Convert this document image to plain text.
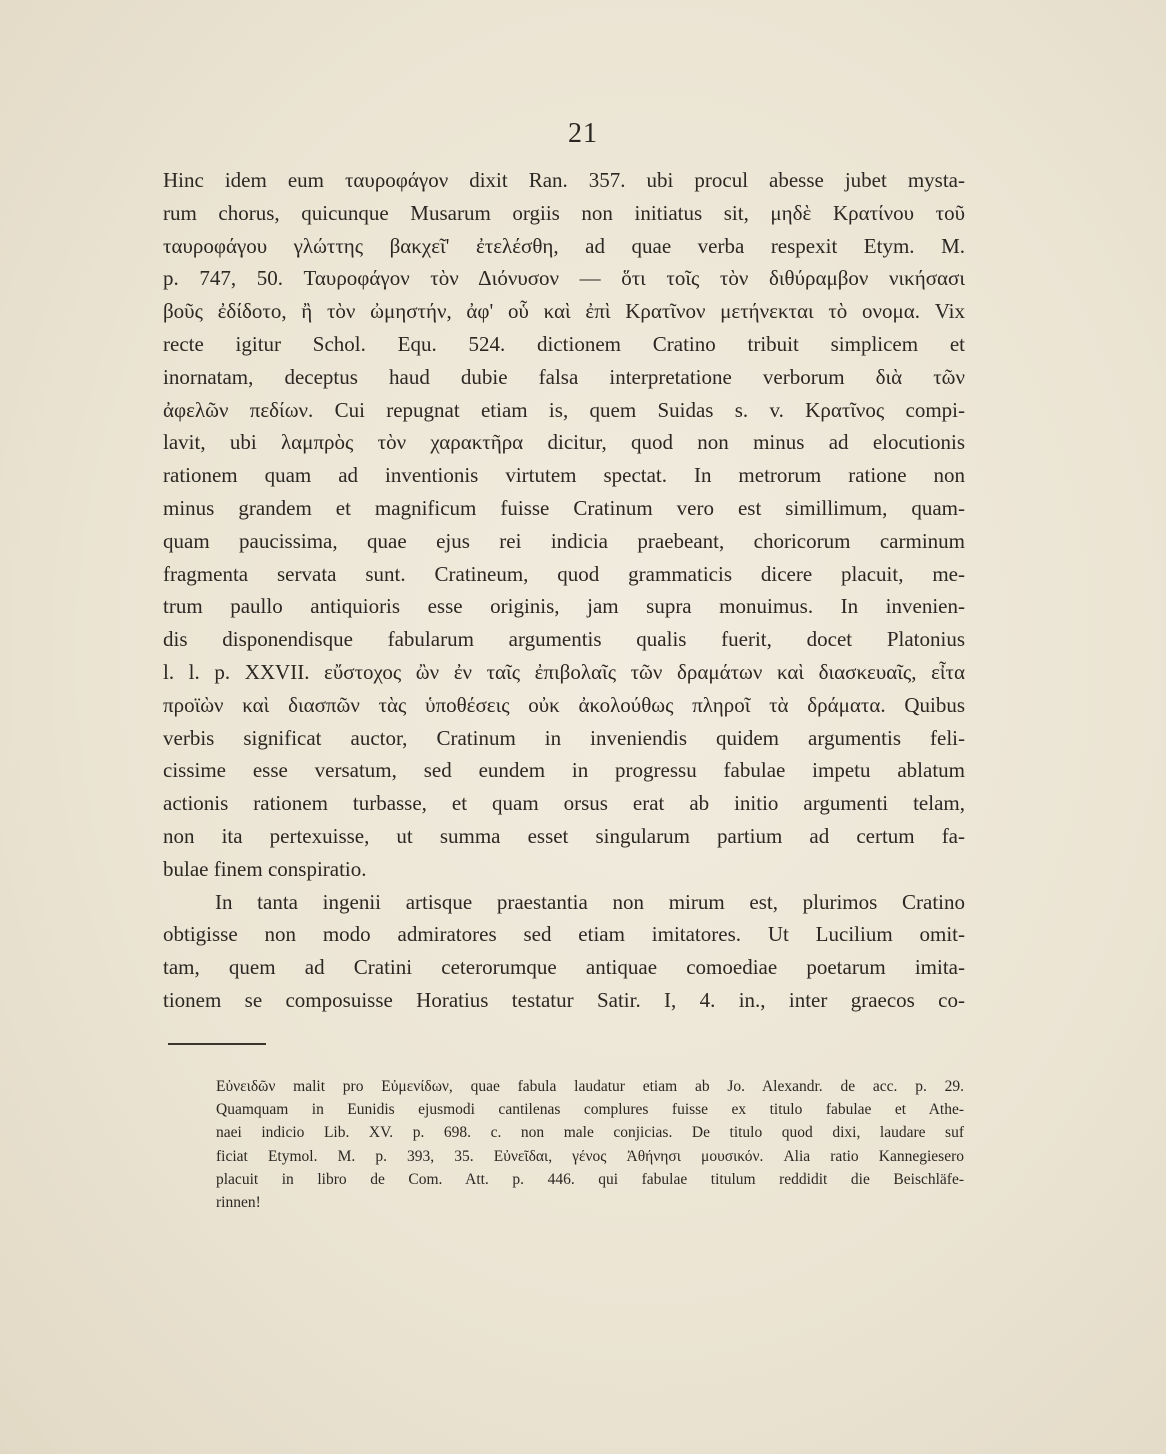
21

Hinc idem eum ταυροφάγον dixit Ran. 357. ubi procul abesse jubet mysta-

rum chorus, quicunque Musarum orgiis non initiatus sit, μηδὲ Κρατίνου τοῦ

ταυροφάγου γλώττης βακχεῖ' ἐτελέσθη, ad quae verba respexit Etym. M.

p. 747, 50. Ταυροφάγον τὸν Διόνυσον — ὅτι τοῖς τὸν διθύραμβον νικήσασι

βοῦς ἐδίδοτο, ἢ τὸν ὠμηστήν, ἀφ' οὗ καὶ ἐπὶ Κρατῖνον μετήνεκται τὸ ονομα. Vix

recte igitur Schol. Equ. 524. dictionem Cratino tribuit simplicem et

inornatam, deceptus haud dubie falsa interpretatione verborum διὰ τῶν

ἀφελῶν πεδίων. Cui repugnat etiam is, quem Suidas s. v. Κρατῖνος compi-

lavit, ubi λαμπρὸς τὸν χαρακτῆρα dicitur, quod non minus ad elocutionis

rationem quam ad inventionis virtutem spectat. In metrorum ratione non

minus grandem et magnificum fuisse Cratinum vero est simillimum, quam-

quam paucissima, quae ejus rei indicia praebeant, choricorum carminum

fragmenta servata sunt. Cratineum, quod grammaticis dicere placuit, me-

trum paullo antiquioris esse originis, jam supra monuimus. In invenien-

dis disponendisque fabularum argumentis qualis fuerit, docet Platonius

l. l. p. XXVII. εὔστοχος ὢν ἐν ταῖς ἐπιβολαῖς τῶν δραμάτων καὶ διασκευαῖς, εἶτα

προϊὼν καὶ διασπῶν τὰς ὑποθέσεις οὐκ ἀκολούθως πληροῖ τὰ δράματα. Quibus

verbis significat auctor, Cratinum in inveniendis quidem argumentis feli-

cissime esse versatum, sed eundem in progressu fabulae impetu ablatum

actionis rationem turbasse, et quam orsus erat ab initio argumenti telam,

non ita pertexuisse, ut summa esset singularum partium ad certum fa-

bulae finem conspiratio.

In tanta ingenii artisque praestantia non mirum est, plurimos Cratino

obtigisse non modo admiratores sed etiam imitatores. Ut Lucilium omit-

tam, quem ad Cratini ceterorumque antiquae comoediae poetarum imita-

tionem se composuisse Horatius testatur Satir. I, 4. in., inter graecos co-

Εὐνειδῶν malit pro Εὐμενίδων, quae fabula laudatur etiam ab Jo. Alexandr. de acc. p. 29.

Quamquam in Eunidis ejusmodi cantilenas complures fuisse ex titulo fabulae et Athe-

naei indicio Lib. XV. p. 698. c. non male conjicias. De titulo quod dixi, laudare suf

ficiat Etymol. M. p. 393, 35. Εὐνεῖδαι, γένος Ἀθήνησι μουσικόν. Alia ratio Kannegiesero

placuit in libro de Com. Att. p. 446. qui fabulae titulum reddidit die Beischläfe-

rinnen!
